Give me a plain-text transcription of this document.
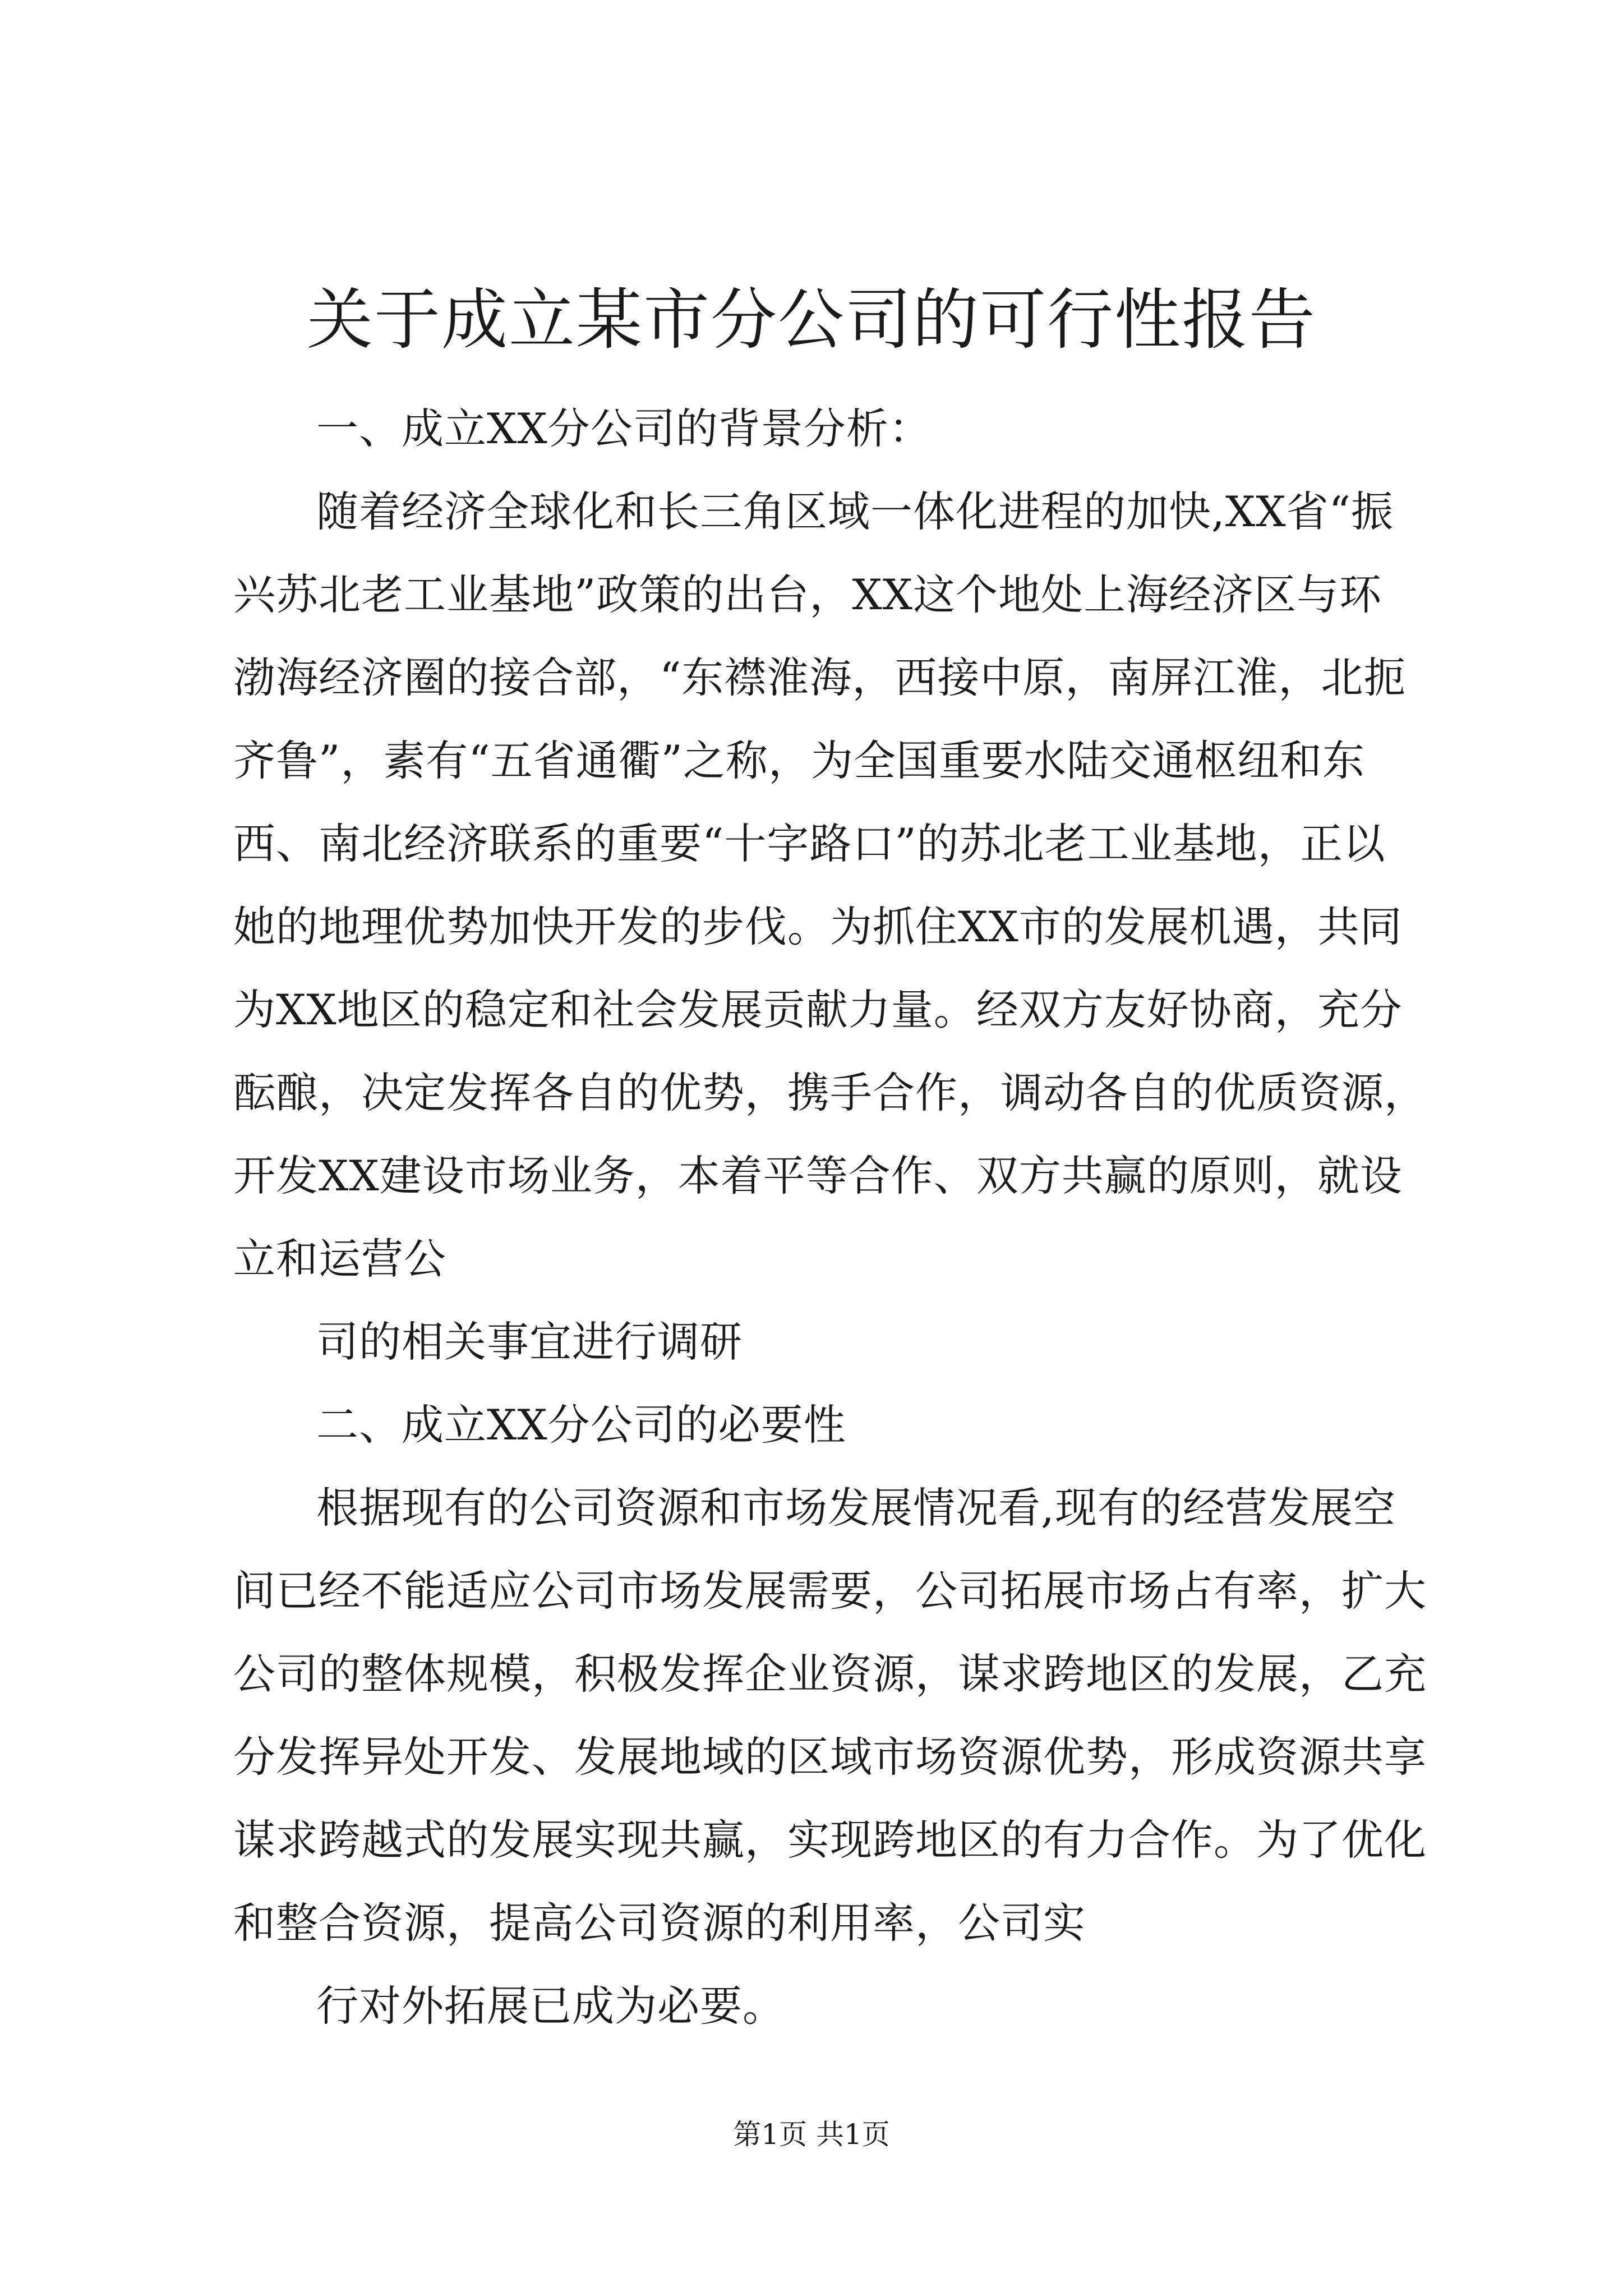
关于成立某市分公司的可行性报告
一、成立XX分公司的背景分析：
随着经济全球化和长三角区域一体化进程的加快,XX省“振
兴苏北老工业基地”政策的出台，XX这个地处上海经济区与环
渤海经济圈的接合部，“东襟淮海，西接中原，南屏江淮，北扼
齐鲁”，素有“五省通衢”之称，为全国重要水陆交通枢纽和东
西、南北经济联系的重要“十字路口”的苏北老工业基地，正以
她的地理优势加快开发的步伐。为抓住XX市的发展机遇，共同
为XX地区的稳定和社会发展贡献力量。经双方友好协商，充分
酝酿，决定发挥各自的优势，携手合作，调动各自的优质资源，
开发XX建设市场业务，本着平等合作、双方共赢的原则，就设
立和运营公
司的相关事宜进行调研
二、成立XX分公司的必要性
根据现有的公司资源和市场发展情况看,现有的经营发展空
间已经不能适应公司市场发展需要，公司拓展市场占有率，扩大
公司的整体规模，积极发挥企业资源，谋求跨地区的发展，乙充
分发挥异处开发、发展地域的区域市场资源优势，形成资源共享
谋求跨越式的发展实现共赢，实现跨地区的有力合作。为了优化
和整合资源，提高公司资源的利用率，公司实
行对外拓展已成为必要。
第1页 共1页
